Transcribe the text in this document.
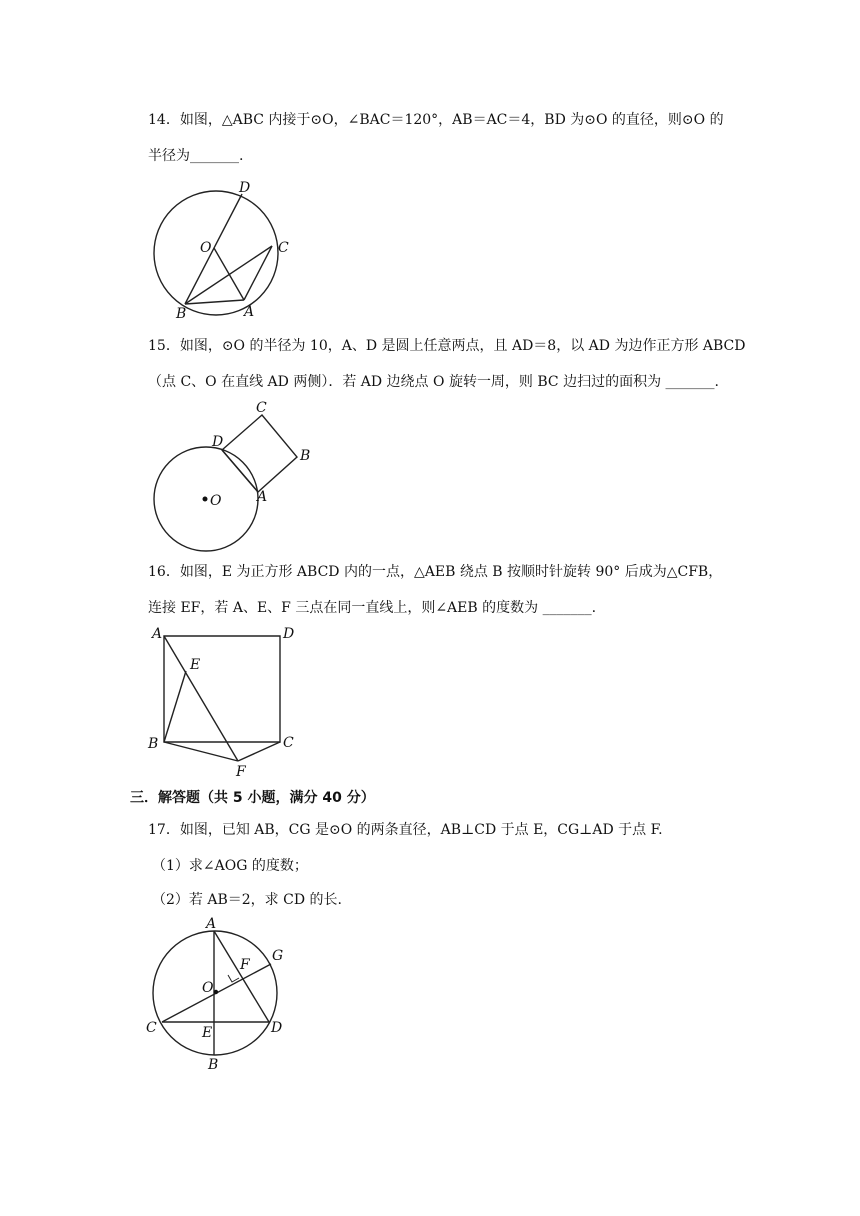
14．如图，△ABC 内接于⊙O，∠BAC＝120°，AB＝AC＝4，BD 为⊙O 的直径，则⊙O 的
半径为_______.
D
O	C
B	A
15．如图，⊙O 的半径为 10，A、D 是圆上任意两点，且 AD＝8，以 AD 为边作正方形 ABCD
（点 C、O 在直线 AD 两侧）．若 AD 边绕点 O 旋转一周，则 BC 边扫过的面积为 _______.
C
D
B
O	A
16．如图，E 为正方形 ABCD 内的一点，△AEB 绕点 B 按顺时针旋转 90° 后成为△CFB，
连接 EF，若 A、E、F 三点在同一直线上，则∠AEB 的度数为 _______.
A	D
E
B	C
F
三．解答题（共 5 小题，满分 40 分）
17．如图，已知 AB，CG 是⊙O 的两条直径，AB⊥CD 于点 E，CG⊥AD 于点 F.
（1）求∠AOG 的度数；
（2）若 AB＝2，求 CD 的长.
A
G
F
O
C	E	D
B
